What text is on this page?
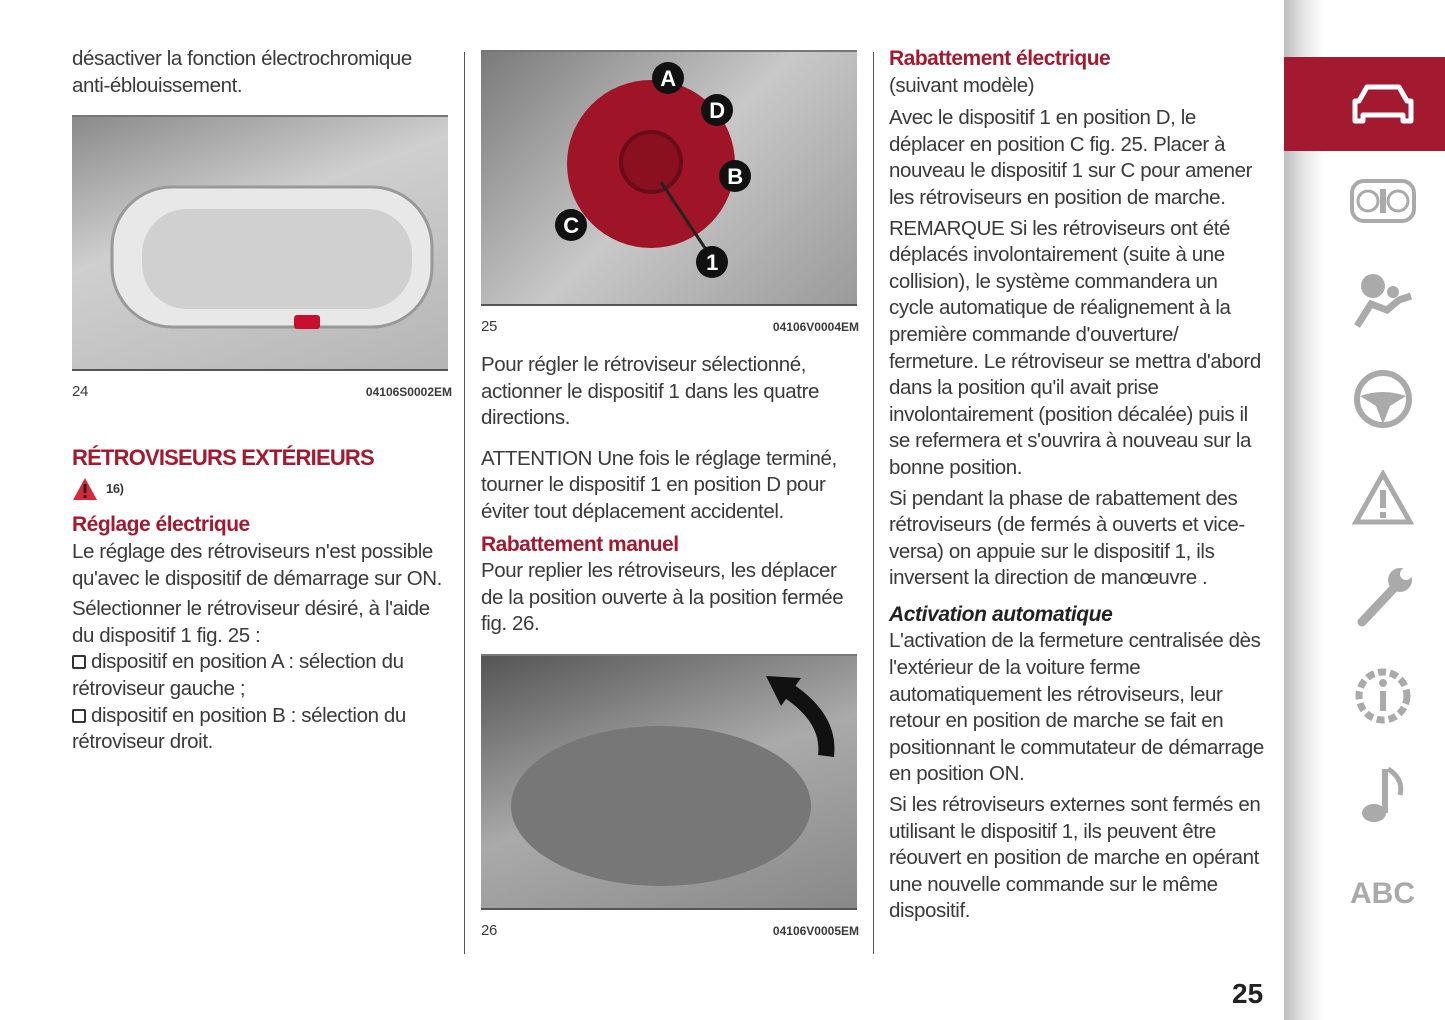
désactiver la fonction électrochromique anti-éblouissement.

24	04106S0002EM
RÉTROVISEURS EXTÉRIEURS
16)
Réglage électrique

Le réglage des rétroviseurs n'est possible qu'avec le dispositif de démarrage sur ON.

Sélectionner le rétroviseur désiré, à l'aide du dispositif 1 fig. 25 :

dispositif en position A : sélection du rétroviseur gauche ;
dispositif en position B : sélection du rétroviseur droit.
A
D
B
C
1
25	04106V0004EM

Pour régler le rétroviseur sélectionné, actionner le dispositif 1 dans les quatre directions.

ATTENTION Une fois le réglage terminé, tourner le dispositif 1 en position D pour éviter tout déplacement accidentel.

Rabattement manuel

Pour replier les rétroviseurs, les déplacer de la position ouverte à la position fermée fig. 26.

26	04106V0005EM
Rabattement électrique

(suivant modèle)

Avec le dispositif 1 en position D, le déplacer en position C fig. 25. Placer à nouveau le dispositif 1 sur C pour amener les rétroviseurs en position de marche.

REMARQUE Si les rétroviseurs ont été déplacés involontairement (suite à une collision), le système commandera un cycle automatique de réalignement à la première commande d'ouverture/ fermeture. Le rétroviseur se mettra d'abord dans la position qu'il avait prise involontairement (position décalée) puis il se refermera et s'ouvrira à nouveau sur la bonne position.

Si pendant la phase de rabattement des rétroviseurs (de fermés à ouverts et vice-versa) on appuie sur le dispositif 1, ils inversent la direction de manœuvre .

Activation automatique

L'activation de la fermeture centralisée dès l'extérieur de la voiture ferme automatiquement les rétroviseurs, leur retour en position de marche se fait en positionnant le commutateur de démarrage en position ON.

Si les rétroviseurs externes sont fermés en utilisant le dispositif 1, ils peuvent être réouvert en position de marche en opérant une nouvelle commande sur le même dispositif.

ABC
25
